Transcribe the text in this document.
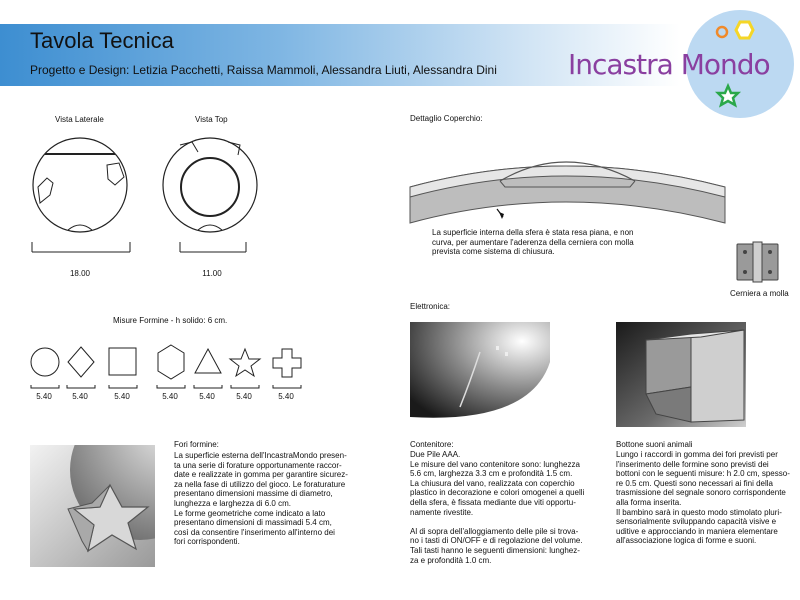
Tavola Tecnica
Progetto e Design: Letizia Pacchetti, Raissa Mammoli, Alessandra Liuti, Alessandra Dini	Incastra Mondo
Vista Laterale	Vista Top
18.00	11.00
Misure Formine - h solido: 6 cm.
5.40	5.40	5.40	5.40	5.40	5.40	5.40
Fori formine:
La superficie esterna dell'IncastraMondo presen-
ta una serie di forature opportunamente raccor-
date e realizzate in gomma per garantire sicurez-
za nella fase di utilizzo del gioco. Le foraturature
presentano dimensioni massime di diametro,
lunghezza e larghezza di 6.0 cm.
Le forme geometriche come indicato a lato
presentano dimensioni di massimadi 5.4 cm,
così da consentire l'inserimento all'interno dei
fori corrispondenti.
Dettaglio Coperchio:
La superficie interna della sfera è stata resa piana, e non
curva, per aumentare l'aderenza della cerniera con molla
prevista come sistema di chiusura.
Cerniera a molla
Elettronica:
Contenitore:
Due Pile AAA.
Le misure del vano contenitore sono: lunghezza
5.6 cm, larghezza 3.3 cm e profondità 1.5 cm.
La chiusura del vano, realizzata con coperchio
plastico in decorazione e colori omogenei a quelli
della sfera, è fissata mediante due viti opportu-
namente rivestite.
Al di sopra dell'alloggiamento delle pile si trova-
no i tasti di ON/OFF e di regolazione del volume.
Tali tasti hanno le seguenti dimensioni: lunghez-
za e profondità 1.0 cm.
Bottone suoni animali
Lungo i raccordi in gomma dei fori previsti per
l'inserimento delle formine sono previsti dei
bottoni con le seguenti misure: h 2.0 cm, spesso-
re 0.5 cm. Questi sono necessari ai fini della
trasmissione del segnale sonoro corrispondente
alla forma inserita.
Il bambino sarà in questo modo stimolato pluri-
sensorialmente sviluppando capacità visive e
uditive e approcciando in maniera elementare
all'associazione logica di forme e suoni.
